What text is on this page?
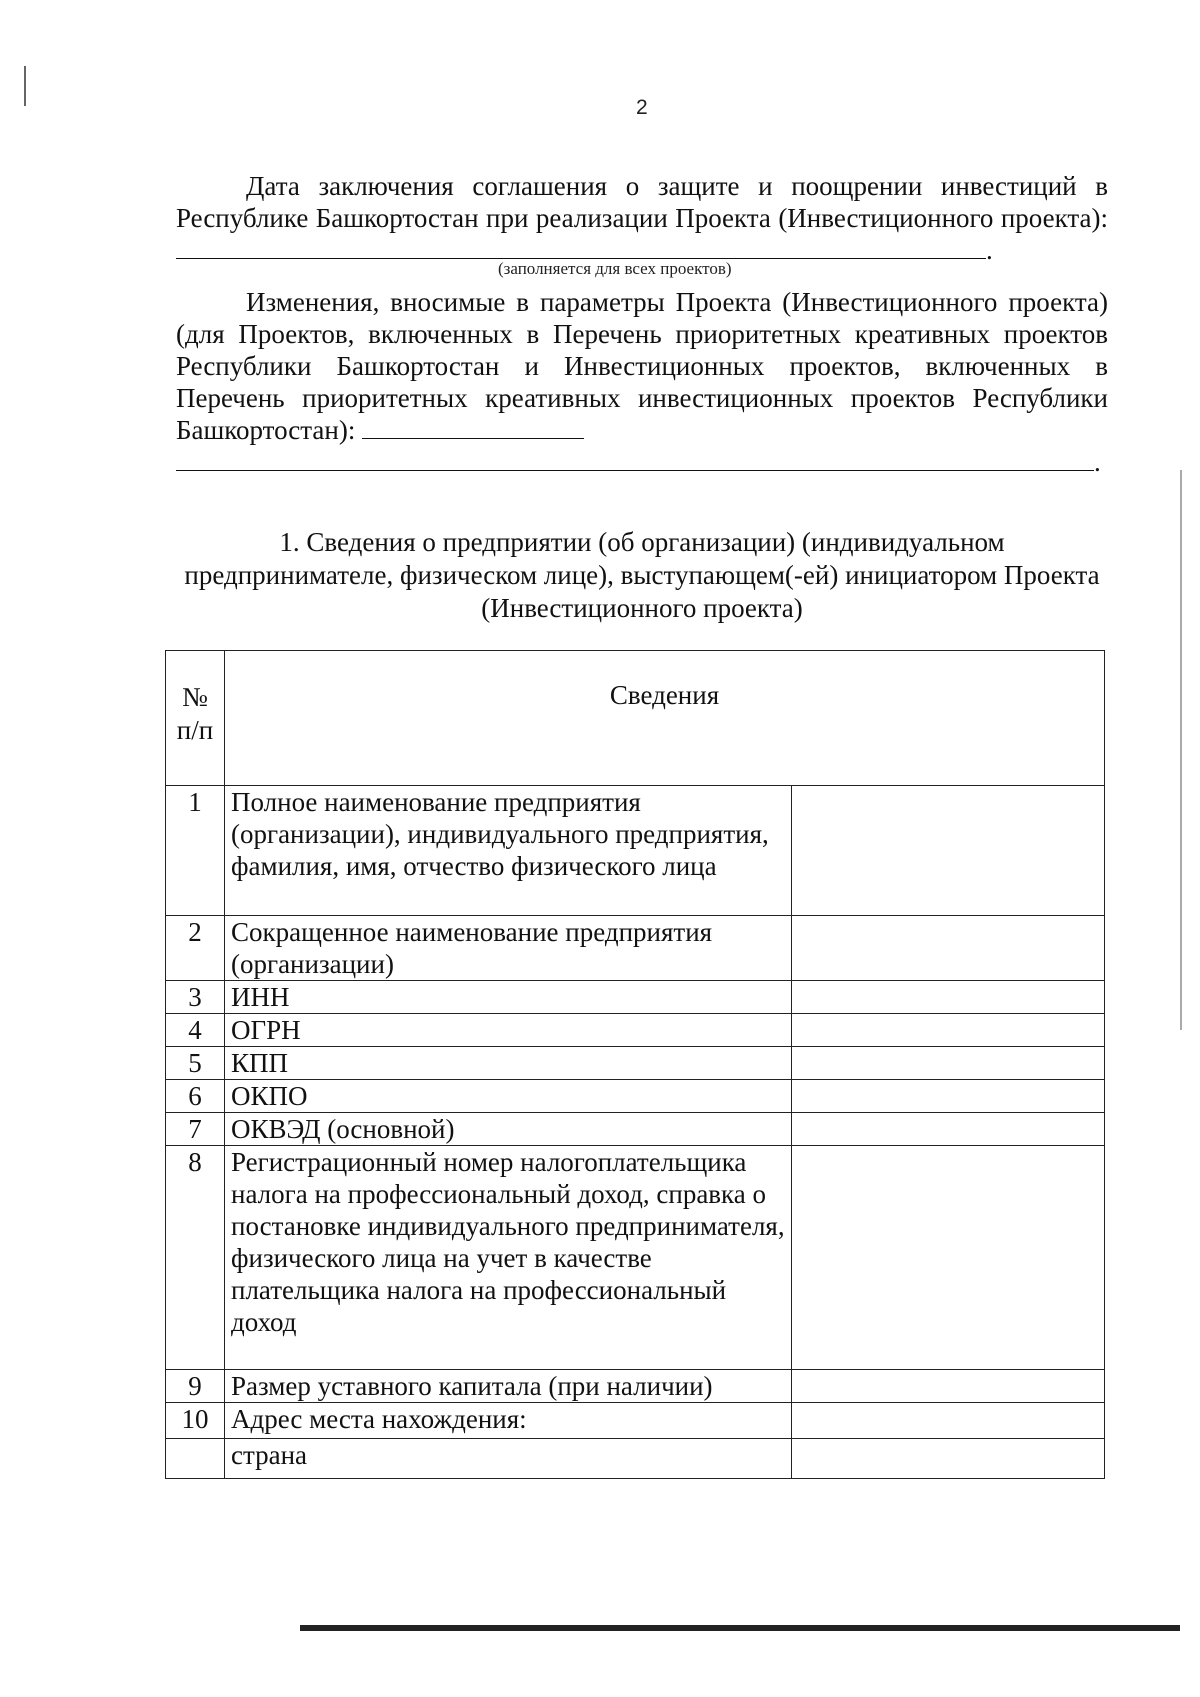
2

Дата заключения соглашения о защите и поощрении инвестиций в Республике Башкортостан при реализации Проекта (Инвестиционного проекта): .

(заполняется для всех проектов)

Изменения, вносимые в параметры Проекта (Инвестиционного проекта) (для Проектов, включенных в Перечень приоритетных креативных проектов Республики Башкортостан и Инвестиционных проектов, включенных в Перечень приоритетных креативных инвестиционных проектов Республики Башкортостан):
.

1. Сведения о предприятии (об организации) (индивидуальном предпринимателе, физическом лице), выступающем(-ей) инициатором Проекта (Инвестиционного проекта)

№ п/п	Сведения	
1	Полное наименование предприятия (организации), индивидуального предприятия, фамилия, имя, отчество физического лица	
2	Сокращенное наименование предприятия (организации)	
3	ИНН	
4	ОГРН	
5	КПП	
6	ОКПО	
7	ОКВЭД (основной)	
8	Регистрационный номер налогоплательщика налога на профессиональный доход, справка о постановке индивидуального предпринимателя, физического лица на учет в качестве плательщика налога на профессиональный доход	
9	Размер уставного капитала (при наличии)	
10	Адрес места нахождения:	
	страна	
